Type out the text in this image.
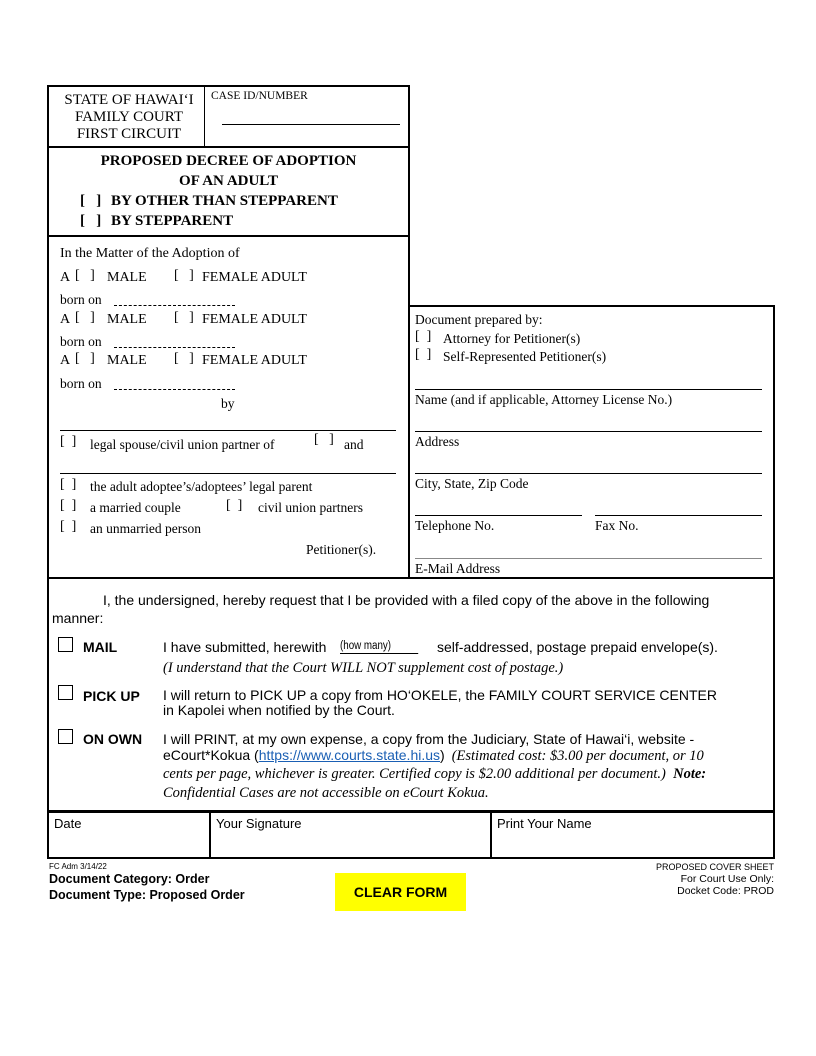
STATE OF HAWAI‘I
FAMILY COURT
FIRST CIRCUIT
CASE ID/NUMBER
PROPOSED DECREE OF ADOPTION
OF AN ADULT
[   ] BY OTHER THAN STEPPARENT
[   ] BY STEPPARENT
In the Matter of the Adoption of
A [   ] MALE [   ] FEMALE ADULT
born on
A [   ] MALE [   ] FEMALE ADULT
born on
A [   ] MALE [   ] FEMALE ADULT
born on
by
[  ] legal spouse/civil union partner of	[   ] and
[  ] the adult adoptee’s/adoptees’ legal parent
[  ] a married couple	[  ] civil union partners
[  ] an unmarried person
Petitioner(s).
Document prepared by:
[  ] Attorney for Petitioner(s)
[  ] Self-Represented Petitioner(s)
Name (and if applicable, Attorney License No.)
Address
City, State, Zip Code
Telephone No.	Fax No.
E-Mail Address
I, the undersigned, hereby request that I be provided with a filed copy of the above in the following
manner:
MAIL	I have submitted, herewith (how many)	self-addressed, postage prepaid envelope(s).
(I understand that the Court WILL NOT supplement cost of postage.)
PICK UP I will return to PICK UP a copy from HO‘OKELE, the FAMILY COURT SERVICE CENTER
in Kapolei when notified by the Court.
ON OWN I will PRINT, at my own expense, a copy from the Judiciary, State of Hawai‘i, website -
eCourt*Kokua (https://www.courts.state.hi.us) (Estimated cost: $3.00 per document, or 10
cents per page, whichever is greater. Certified copy is $2.00 additional per document.) Note:
Confidential Cases are not accessible on eCourt Kokua.
Date	Your Signature	Print Your Name
FC Adm 3/14/22
Document Category: Order
Document Type: Proposed Order	CLEAR FORM
PROPOSED COVER SHEET
For Court Use Only:
Docket Code: PROD
